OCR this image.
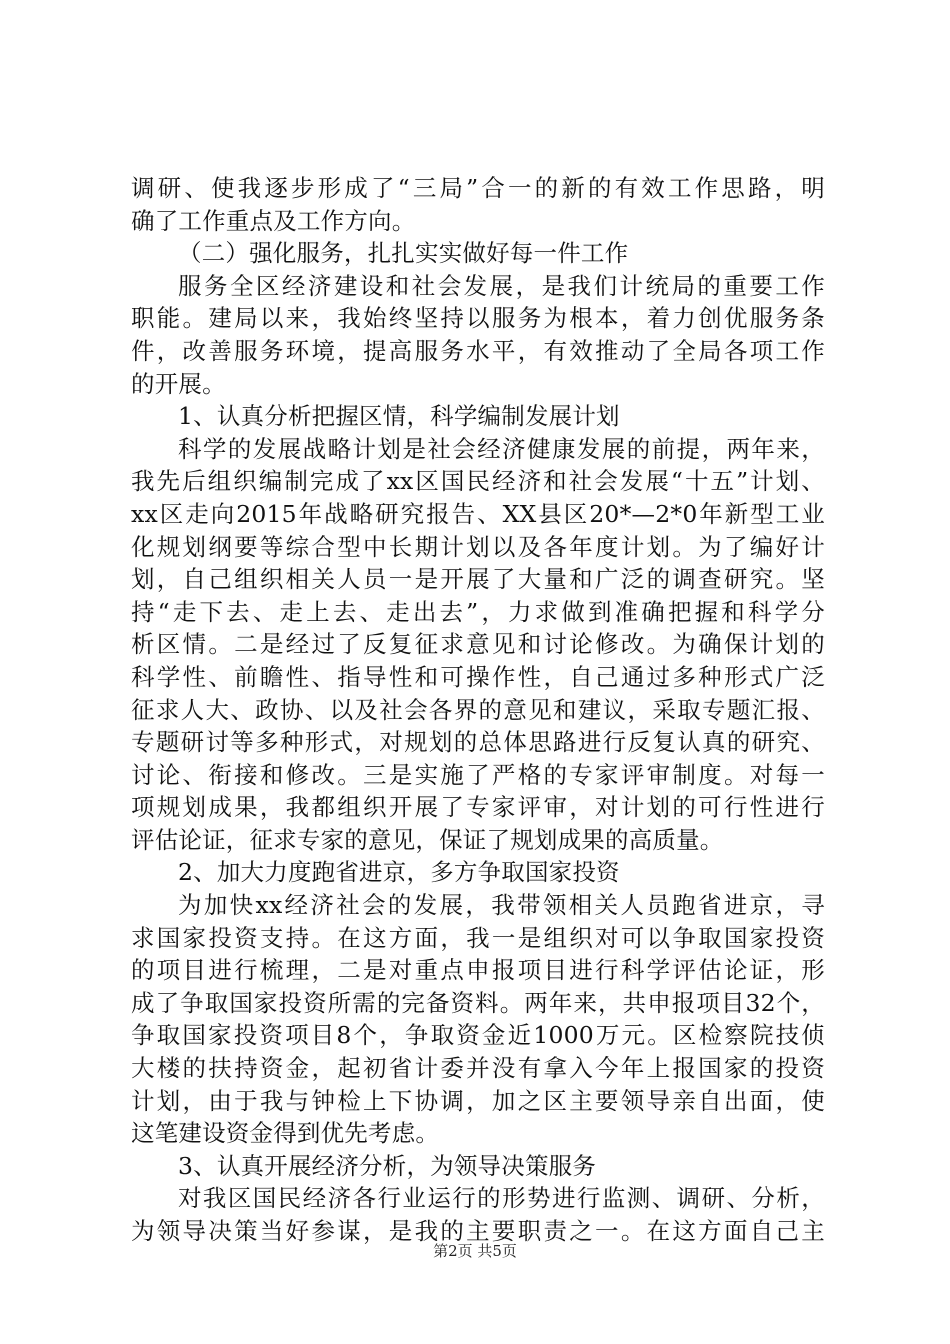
调研、使我逐步形成了“三局”合一的新的有效工作思路，明
确了工作重点及工作方向。
（二）强化服务，扎扎实实做好每一件工作
服务全区经济建设和社会发展，是我们计统局的重要工作
职能。建局以来，我始终坚持以服务为根本，着力创优服务条
件，改善服务环境，提高服务水平，有效推动了全局各项工作
的开展。
1、认真分析把握区情，科学编制发展计划
科学的发展战略计划是社会经济健康发展的前提，两年来，
我先后组织编制完成了xx区国民经济和社会发展“十五”计划、
xx区走向2015年战略研究报告、XX县区20*—2*0年新型工业
化规划纲要等综合型中长期计划以及各年度计划。为了编好计
划，自己组织相关人员一是开展了大量和广泛的调查研究。坚
持“走下去、走上去、走出去”，力求做到准确把握和科学分
析区情。二是经过了反复征求意见和讨论修改。为确保计划的
科学性、前瞻性、指导性和可操作性，自己通过多种形式广泛
征求人大、政协、以及社会各界的意见和建议，采取专题汇报、
专题研讨等多种形式，对规划的总体思路进行反复认真的研究、
讨论、衔接和修改。三是实施了严格的专家评审制度。对每一
项规划成果，我都组织开展了专家评审，对计划的可行性进行
评估论证，征求专家的意见，保证了规划成果的高质量。
2、加大力度跑省进京，多方争取国家投资
为加快xx经济社会的发展，我带领相关人员跑省进京，寻
求国家投资支持。在这方面，我一是组织对可以争取国家投资
的项目进行梳理，二是对重点申报项目进行科学评估论证，形
成了争取国家投资所需的完备资料。两年来，共申报项目32个，
争取国家投资项目8个，争取资金近1000万元。区检察院技侦
大楼的扶持资金，起初省计委并没有拿入今年上报国家的投资
计划，由于我与钟检上下协调，加之区主要领导亲自出面，使
这笔建设资金得到优先考虑。
3、认真开展经济分析，为领导决策服务
对我区国民经济各行业运行的形势进行监测、调研、分析，
为领导决策当好参谋，是我的主要职责之一。在这方面自己主
第2页 共5页
